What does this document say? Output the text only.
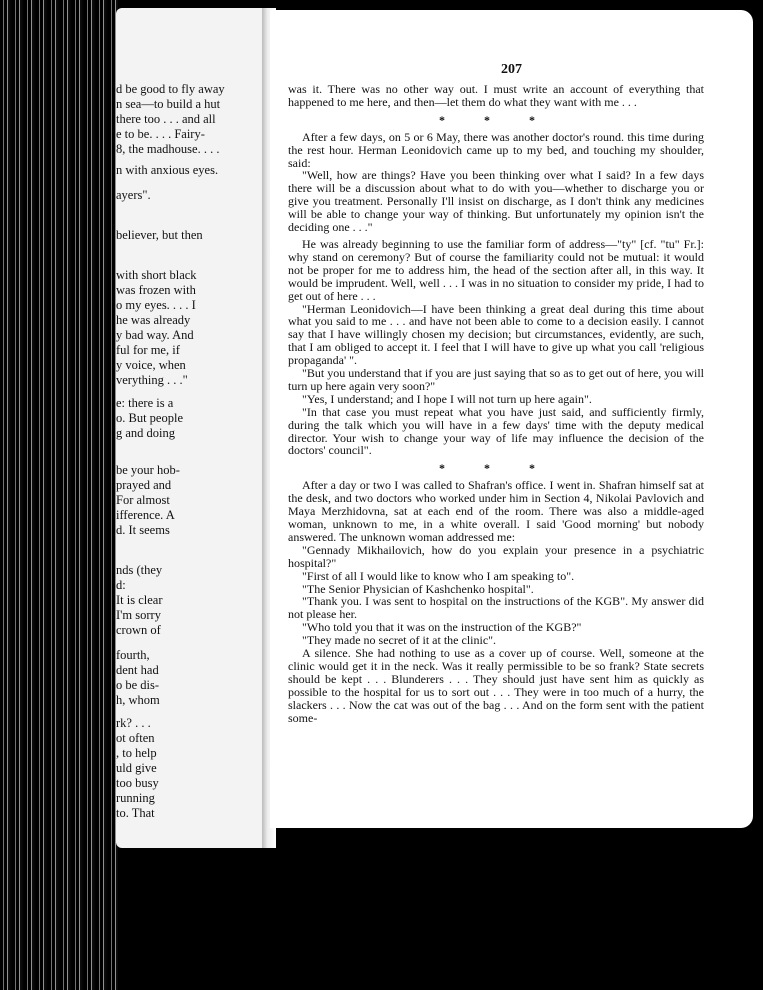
d be good to fly away
n sea—to build a hut
there too . . . and all
e to be. . . . Fairy-
8, the madhouse. . . .
n with anxious eyes.
ayers".
believer, but then
with short black
was frozen with
o my eyes. . . . I
he was already
y bad way. And
ful for me, if
y voice, when
verything . . ."
e: there is a
o. But people
g and doing
be your hob-
prayed and
For almost
ifference. A
d. It seems
nds (they
d:
It is clear
I'm sorry
crown of
fourth,
dent had
o be dis-
h, whom
rk? . . .
ot often
, to help
uld give
too busy
running
to. That
207

was it. There was no other way out. I must write an account of everything that happened to me here, and then—let them do what they want with me . . .

* * *

After a few days, on 5 or 6 May, there was another doctor's round. this time during the rest hour. Herman Leonidovich came up to my bed, and touching my shoulder, said:

"Well, how are things? Have you been thinking over what I said? In a few days there will be a discussion about what to do with you—whether to discharge you or give you treatment. Personally I'll insist on discharge, as I don't think any medicines will be able to change your way of thinking. But unfortunately my opinion isn't the deciding one . . ."

He was already beginning to use the familiar form of address—"ty" [cf. "tu" Fr.]: why stand on ceremony? But of course the familiarity could not be mutual: it would not be proper for me to address him, the head of the section after all, in this way. It would be imprudent. Well, well . . . I was in no situation to consider my pride, I had to get out of here . . .

"Herman Leonidovich—I have been thinking a great deal during this time about what you said to me . . . and have not been able to come to a decision easily. I cannot say that I have willingly chosen my decision; but circumstances, evidently, are such, that I am obliged to accept it. I feel that I will have to give up what you call 'religious propaganda' ".

"But you understand that if you are just saying that so as to get out of here, you will turn up here again very soon?"

"Yes, I understand; and I hope I will not turn up here again".

"In that case you must repeat what you have just said, and sufficiently firmly, during the talk which you will have in a few days' time with the deputy medical director. Your wish to change your way of life may influence the decision of the doctors' council".

* * *

After a day or two I was called to Shafran's office. I went in. Shafran himself sat at the desk, and two doctors who worked under him in Section 4, Nikolai Pavlovich and Maya Merzhidovna, sat at each end of the room. There was also a middle-aged woman, unknown to me, in a white overall. I said 'Good morning' but nobody answered. The unknown woman addressed me:

"Gennady Mikhailovich, how do you explain your presence in a psychiatric hospital?"

"First of all I would like to know who I am speaking to".

"The Senior Physician of Kashchenko hospital".

"Thank you. I was sent to hospital on the instructions of the KGB". My answer did not please her.

"Who told you that it was on the instruction of the KGB?"

"They made no secret of it at the clinic".

A silence. She had nothing to use as a cover up of course. Well, someone at the clinic would get it in the neck. Was it really permissible to be so frank? State secrets should be kept . . . Blunderers . . . They should just have sent him as quickly as possible to the hospital for us to sort out . . . They were in too much of a hurry, the slackers . . . Now the cat was out of the bag . . . And on the form sent with the patient some-
